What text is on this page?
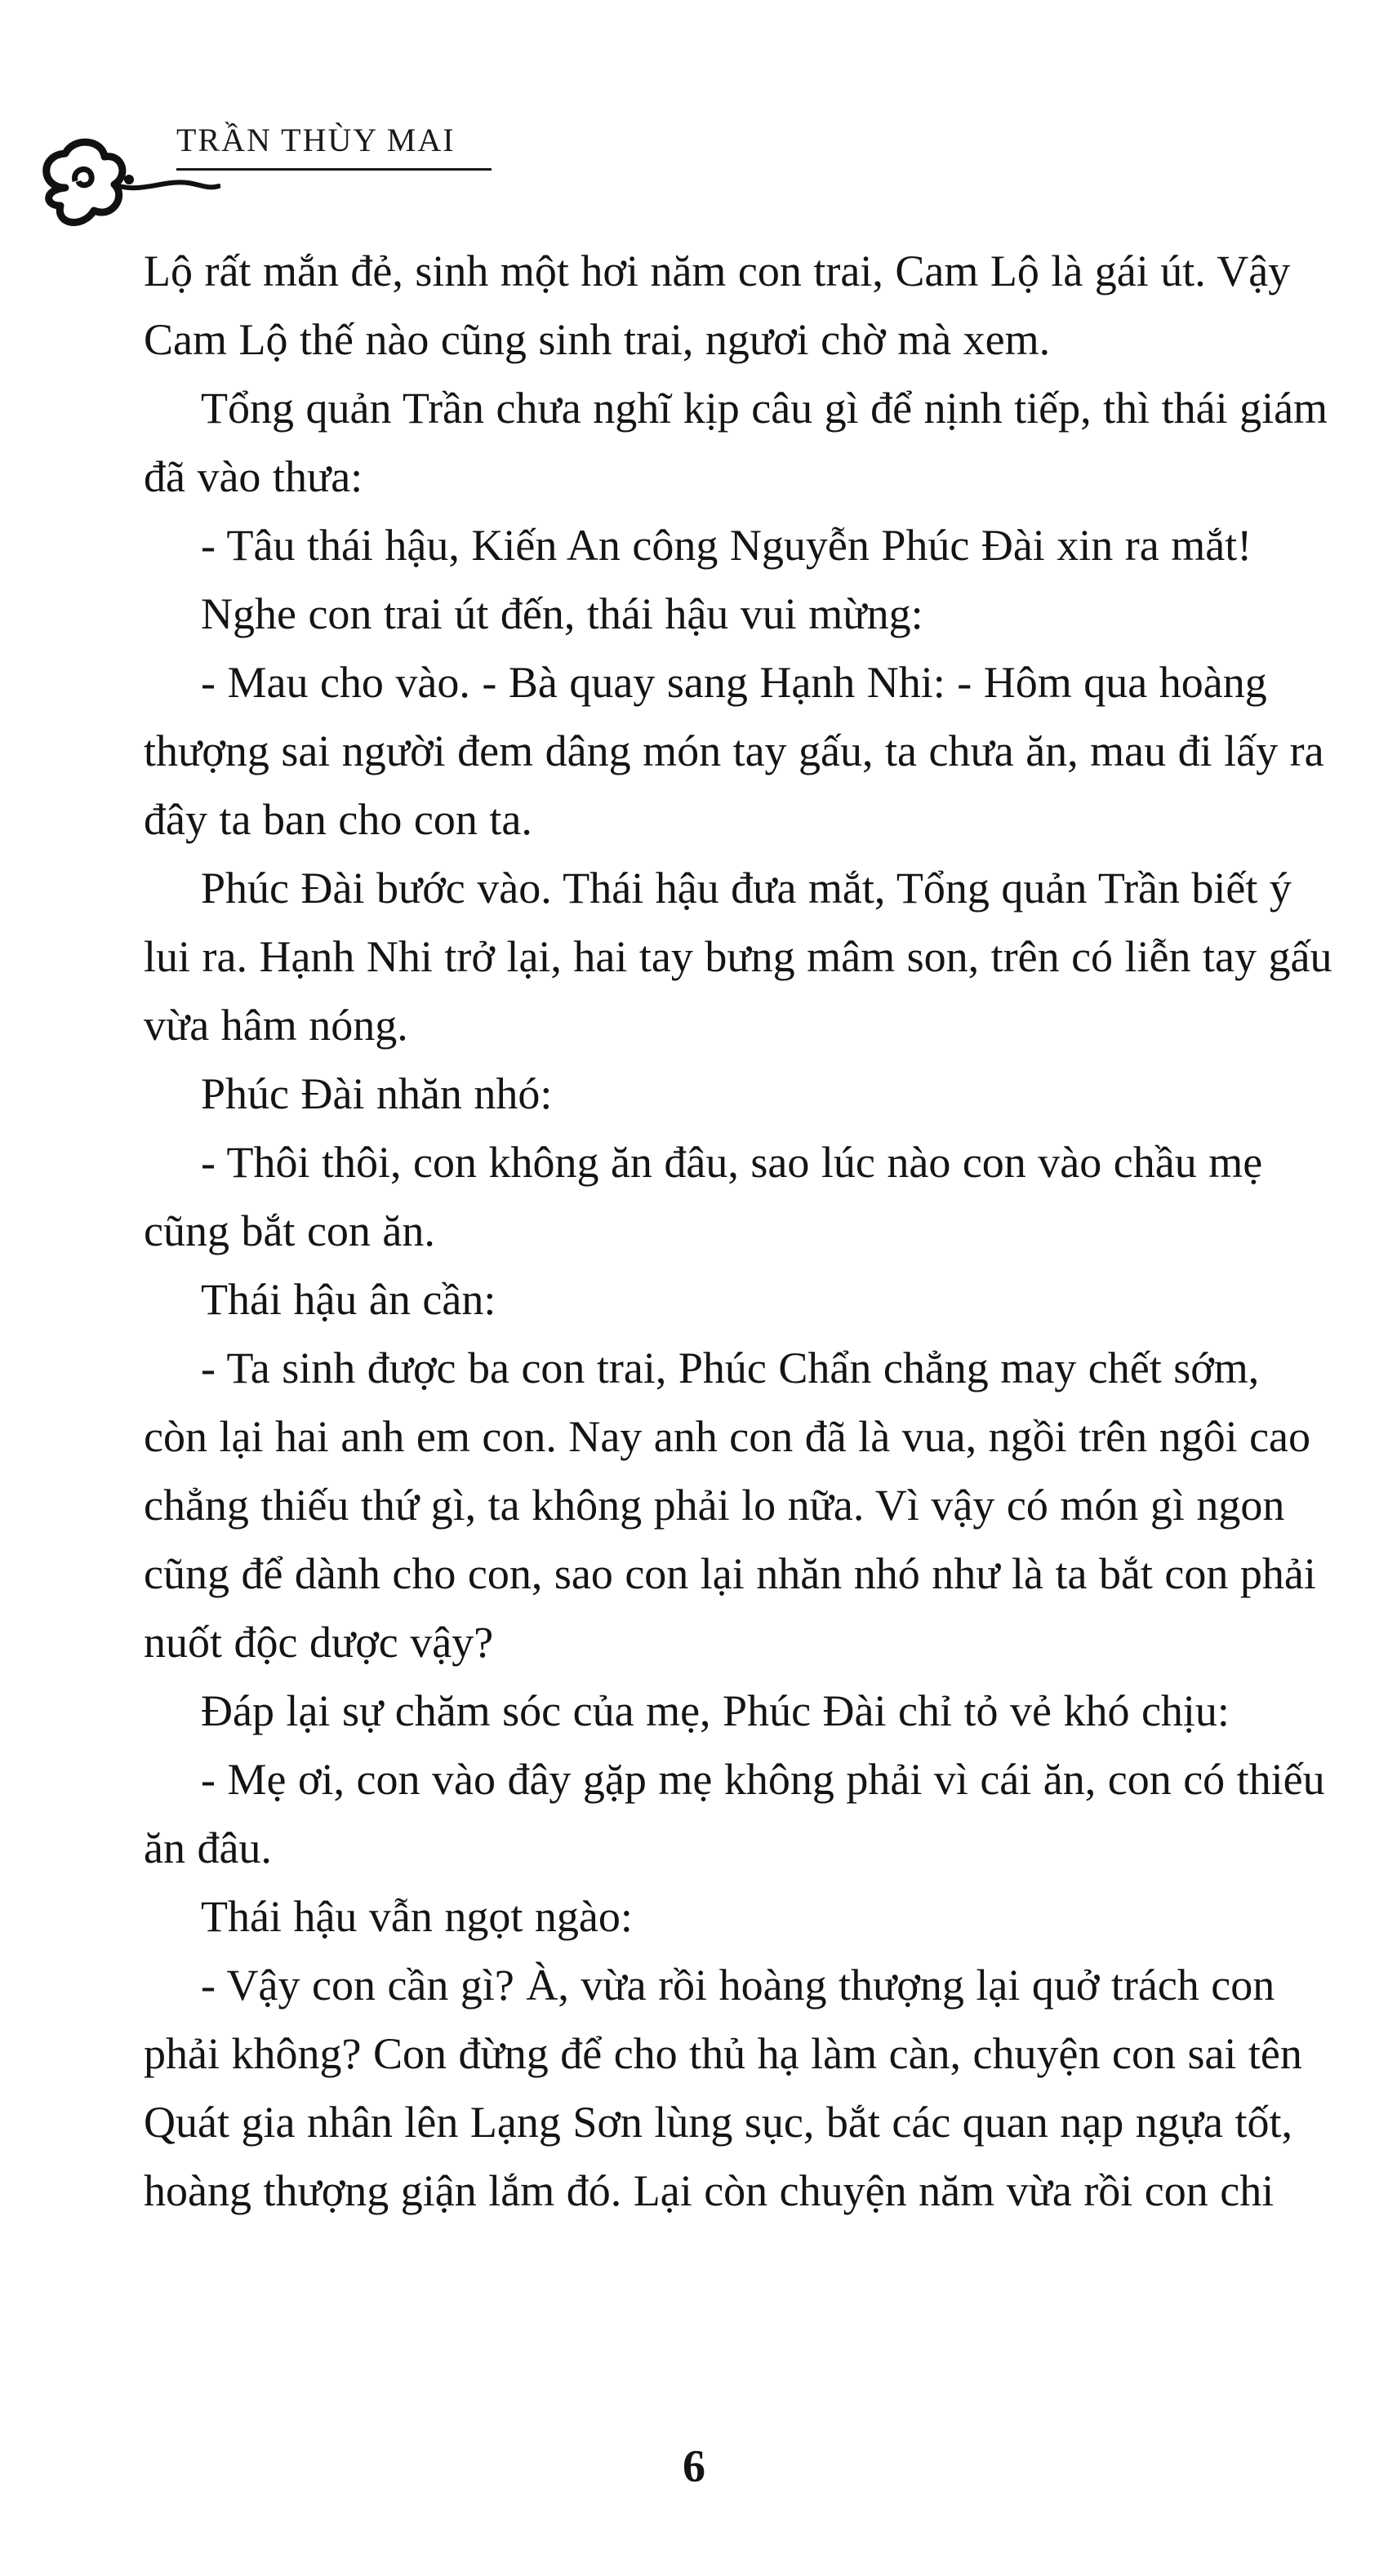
TRẦN THÙY MAI
Lộ rất mắn đẻ, sinh một hơi năm con trai, Cam Lộ là gái út. Vậy
Cam Lộ thế nào cũng sinh trai, ngươi chờ mà xem.
Tổng quản Trần chưa nghĩ kịp câu gì để nịnh tiếp, thì thái giám
đã vào thưa:
- Tâu thái hậu, Kiến An công Nguyễn Phúc Đài xin ra mắt!
Nghe con trai út đến, thái hậu vui mừng:
- Mau cho vào. - Bà quay sang Hạnh Nhi: - Hôm qua hoàng
thượng sai người đem dâng món tay gấu, ta chưa ăn, mau đi lấy ra
đây ta ban cho con ta.
Phúc Đài bước vào. Thái hậu đưa mắt, Tổng quản Trần biết ý
lui ra. Hạnh Nhi trở lại, hai tay bưng mâm son, trên có liễn tay gấu
vừa hâm nóng.
Phúc Đài nhăn nhó:
- Thôi thôi, con không ăn đâu, sao lúc nào con vào chầu mẹ
cũng bắt con ăn.
Thái hậu ân cần:
- Ta sinh được ba con trai, Phúc Chẩn chẳng may chết sớm,
còn lại hai anh em con. Nay anh con đã là vua, ngồi trên ngôi cao
chẳng thiếu thứ gì, ta không phải lo nữa. Vì vậy có món gì ngon
cũng để dành cho con, sao con lại nhăn nhó như là ta bắt con phải
nuốt độc dược vậy?
Đáp lại sự chăm sóc của mẹ, Phúc Đài chỉ tỏ vẻ khó chịu:
- Mẹ ơi, con vào đây gặp mẹ không phải vì cái ăn, con có thiếu
ăn đâu.
Thái hậu vẫn ngọt ngào:
- Vậy con cần gì? À, vừa rồi hoàng thượng lại quở trách con
phải không? Con đừng để cho thủ hạ làm càn, chuyện con sai tên
Quát gia nhân lên Lạng Sơn lùng sục, bắt các quan nạp ngựa tốt,
hoàng thượng giận lắm đó. Lại còn chuyện năm vừa rồi con chi
6
